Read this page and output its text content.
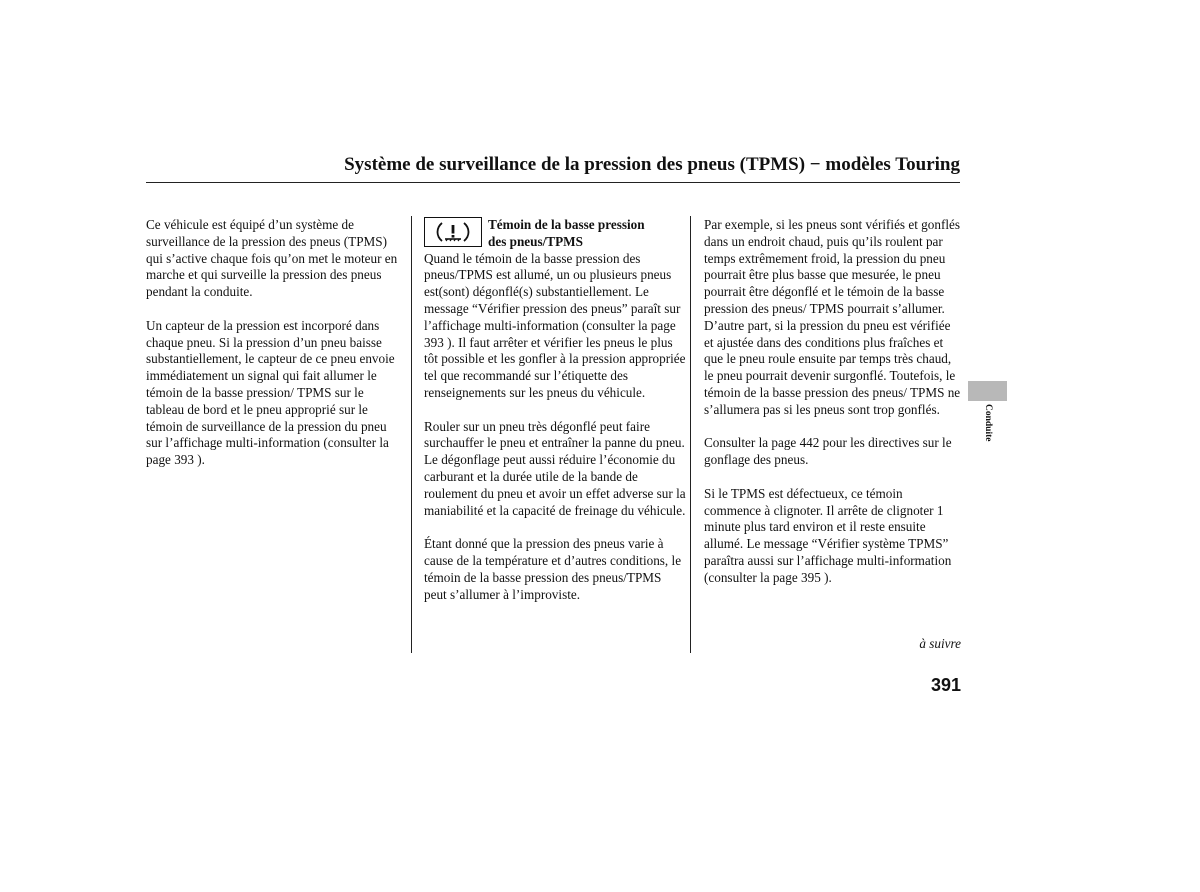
Système de surveillance de la pression des pneus (TPMS) − modèles Touring

Ce véhicule est équipé d’un système de surveillance de la pression des pneus (TPMS) qui s’active chaque fois qu’on met le moteur en marche et qui surveille la pression des pneus pendant la conduite.

Un capteur de la pression est incorporé dans chaque pneu. Si la pression d’un pneu baisse substantiellement, le capteur de ce pneu envoie immédiatement un signal qui fait allumer le témoin de la basse pression/ TPMS sur le tableau de bord et le pneu approprié sur le témoin de surveillance de la pression du pneu sur l’affichage multi-information (consulter la page 393 ).

Témoin de la basse pression
des pneus/TPMS

Quand le témoin de la basse pression des pneus/TPMS est allumé, un ou plusieurs pneus est(sont) dégonflé(s) substantiellement. Le message “Vérifier pression des pneus” paraît sur l’affichage multi-information (consulter la page 393 ). Il faut arrêter et vérifier les pneus le plus tôt possible et les gonfler à la pression appropriée tel que recommandé sur l’étiquette des renseignements sur les pneus du véhicule.

Rouler sur un pneu très dégonflé peut faire surchauffer le pneu et entraîner la panne du pneu. Le dégonflage peut aussi réduire l’économie du carburant et la durée utile de la bande de roulement du pneu et avoir un effet adverse sur la maniabilité et la capacité de freinage du véhicule.

Étant donné que la pression des pneus varie à cause de la température et d’autres conditions, le témoin de la basse pression des pneus/TPMS peut s’allumer à l’improviste.

Par exemple, si les pneus sont vérifiés et gonflés dans un endroit chaud, puis qu’ils roulent par temps extrêmement froid, la pression du pneu pourrait être plus basse que mesurée, le pneu pourrait être dégonflé et le témoin de la basse pression des pneus/ TPMS pourrait s’allumer. D’autre part, si la pression du pneu est vérifiée et ajustée dans des conditions plus fraîches et que le pneu roule ensuite par temps très chaud, le pneu pourrait devenir surgonflé. Toutefois, le témoin de la basse pression des pneus/ TPMS ne s’allumera pas si les pneus sont trop gonflés.

Consulter la page 442 pour les directives sur le gonflage des pneus.

Si le TPMS est défectueux, ce témoin commence à clignoter. Il arrête de clignoter 1 minute plus tard environ et il reste ensuite allumé. Le message “Vérifier système TPMS” paraîtra aussi sur l’affichage multi-information (consulter la page 395 ).

à suivre
391
Conduite
